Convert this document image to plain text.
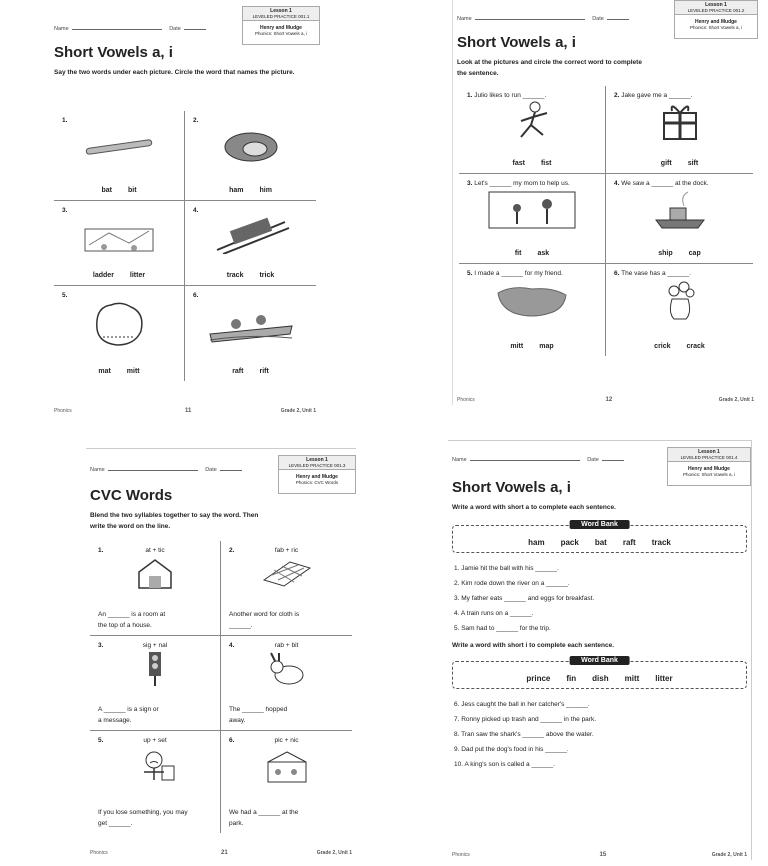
Name	Date
Lesson 1
LEVELED PRACTICE 001.1
Henry and Mudge
Phonics: Short Vowels a, i
Short Vowels a, i
Say the two words under each picture. Circle the word that names the picture.
1.
bat bit
2.
ham him
3.
ladder litter
4.
track trick
5.
mat mitt
6.
raft rift
Phonics	11	Grade 2, Unit 1
Name	Date
Lesson 1
LEVELED PRACTICE 001.2
Henry and Mudge
Phonics: Short Vowels a, i
Short Vowels a, i
Look at the pictures and circle the correct word to complete the sentence.
1. Julio likes to run ______.
fast fist
2. Jake gave me a ______.
gift sift
3. Let's ______ my mom to help us.
fit ask
4. We saw a ______ at the dock.
ship cap
5. I made a ______ for my friend.
mitt map
6. The vase has a ______.
crick crack
Phonics	12	Grade 2, Unit 1
Name	Date
Lesson 1
LEVELED PRACTICE 001.3
Henry and Mudge
Phonics: CVC Words
CVC Words
Blend the two syllables together to say the word. Then write the word on the line.
1.	at + tic
An ______ is a room at
the top of a house.
2.	fab + ric
Another word for cloth is
______.
3.	sig + nal
A ______ is a sign or
a message.
4.	rab + bit
The ______ hopped
away.
5.	up + set
If you lose something, you may
get ______.
6.	pic + nic
We had a ______ at the
park.
Phonics	21	Grade 2, Unit 1
Name	Date
Lesson 1
LEVELED PRACTICE 001.4
Henry and Mudge
Phonics: Short Vowels a, i
Short Vowels a, i
Write a word with short a to complete each sentence.
Word Bank
ham pack bat raft track
1. Jamie hit the ball with his ______.
2. Kim rode down the river on a ______.
3. My father eats ______ and eggs for breakfast.
4. A train runs on a ______.
5. Sam had to ______ for the trip.
Write a word with short i to complete each sentence.
Word Bank
prince fin dish mitt litter
6. Jess caught the ball in her catcher's ______.
7. Ronny picked up trash and ______ in the park.
8. Tran saw the shark's ______ above the water.
9. Dad put the dog's food in his ______.
10. A king's son is called a ______.
Phonics	15	Grade 2, Unit 1
